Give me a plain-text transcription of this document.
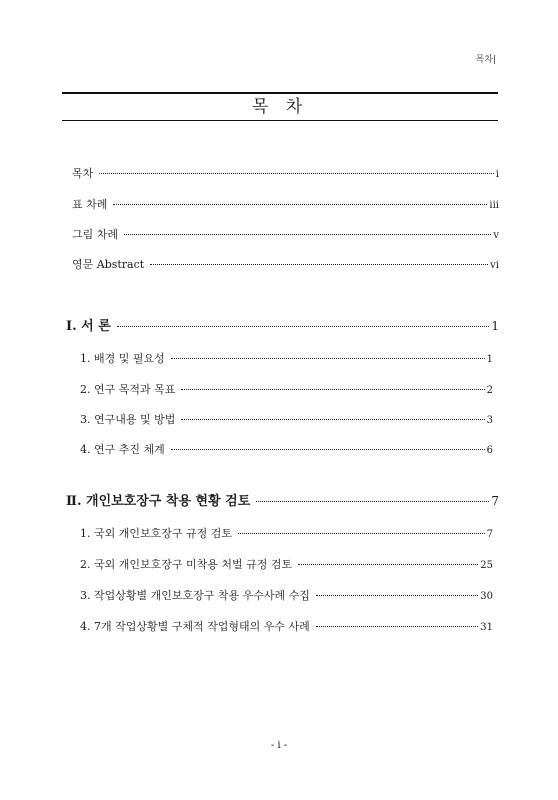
목차|
목 차
목차	i
표 차례	iii
그림 차례	v
영문 Abstract	vi
Ⅰ. 서 론	1
1. 배경 및 필요성	1
2. 연구 목적과 목표	2
3. 연구내용 및 방법	3
4. 연구 추진 체계	6
Ⅱ. 개인보호장구 착용 현황 검토	7
1. 국외 개인보호장구 규정 검토	7
2. 국외 개인보호장구 미착용 처벌 규정 검토	25
3. 작업상황별 개인보호장구 착용 우수사례 수집	30
4. 7개 작업상황별 구체적 작업형태의 우수 사례	31
- i -
